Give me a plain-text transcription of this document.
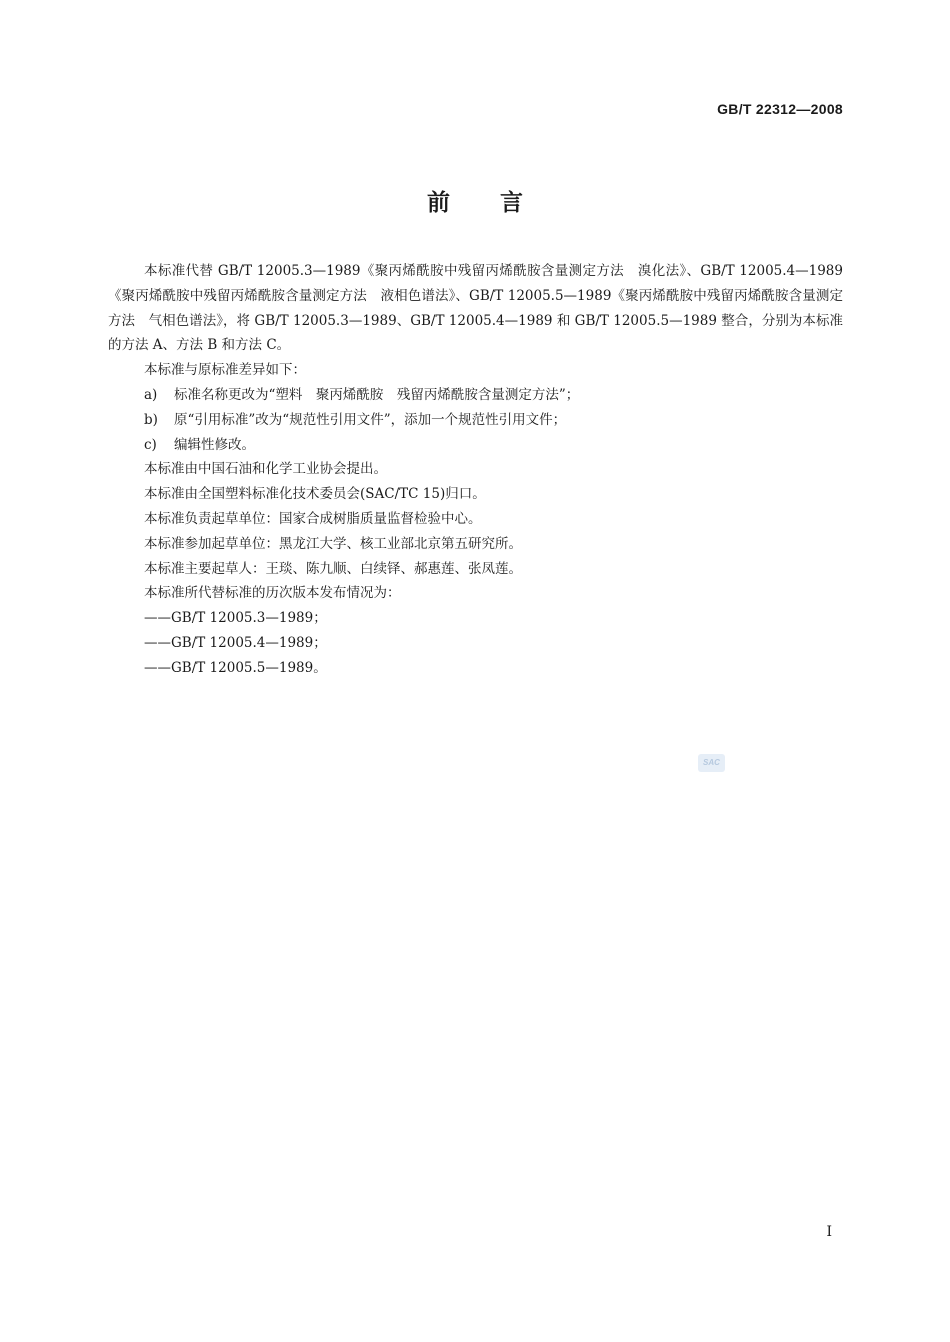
GB/T 22312—2008
前言

本标准代替 GB/T 12005.3—1989《聚丙烯酰胺中残留丙烯酰胺含量测定方法　溴化法》、GB/T 12005.4—1989《聚丙烯酰胺中残留丙烯酰胺含量测定方法　液相色谱法》、GB/T 12005.5—1989《聚丙烯酰胺中残留丙烯酰胺含量测定方法　气相色谱法》，将 GB/T 12005.3—1989、GB/T 12005.4—1989 和 GB/T 12005.5—1989 整合，分别为本标准的方法 A、方法 B 和方法 C。

本标准与原标准差异如下：

a) 标准名称更改为“塑料　聚丙烯酰胺　残留丙烯酰胺含量测定方法”；

b) 原“引用标准”改为“规范性引用文件”，添加一个规范性引用文件；

c) 编辑性修改。

本标准由中国石油和化学工业协会提出。

本标准由全国塑料标准化技术委员会(SAC/TC 15)归口。

本标准负责起草单位：国家合成树脂质量监督检验中心。

本标准参加起草单位：黑龙江大学、核工业部北京第五研究所。

本标准主要起草人：王琰、陈九顺、白续铎、郝惠莲、张凤莲。

本标准所代替标准的历次版本发布情况为：

——GB/T 12005.3—1989；

——GB/T 12005.4—1989；

——GB/T 12005.5—1989。

SAC
I
